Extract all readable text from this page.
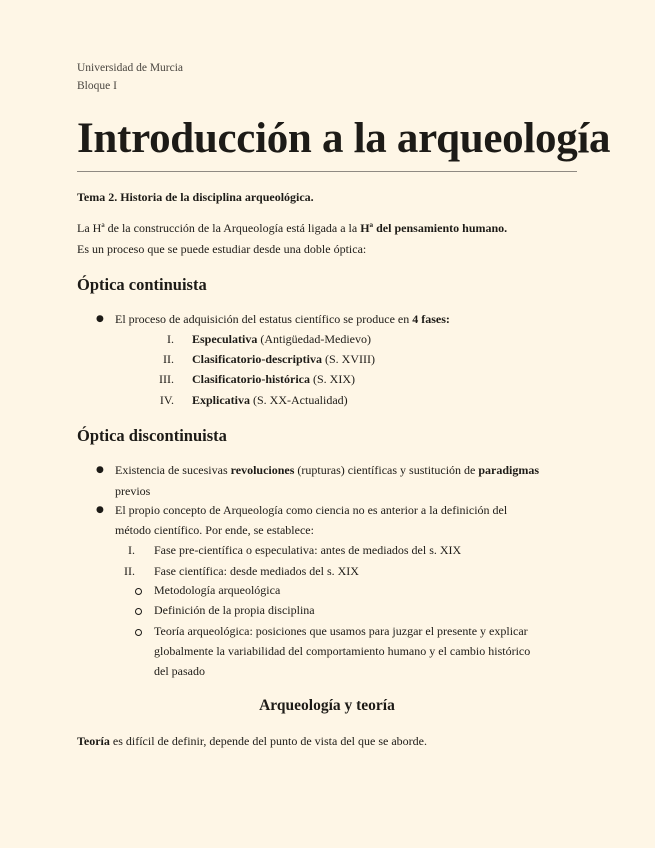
Universidad de Murcia
Bloque I
Introducción a la arqueología
Tema 2. Historia de la disciplina arqueológica.
La Hª de la construcción de la Arqueología está ligada a la Hª del pensamiento humano.
Es un proceso que se puede estudiar desde una doble óptica:
Óptica continuista
● El proceso de adquisición del estatus científico se produce en 4 fases:
I. Especulativa (Antigüedad-Medievo)
II. Clasificatorio-descriptiva (S. XVIII)
III. Clasificatorio-histórica (S. XIX)
IV. Explicativa (S. XX-Actualidad)
Óptica discontinuista
● Existencia de sucesivas revoluciones (rupturas) científicas y sustitución de paradigmas
previos
● El propio concepto de Arqueología como ciencia no es anterior a la definición del
método científico. Por ende, se establece:
I. Fase pre-científica o especulativa: antes de mediados del s. XIX
II. Fase científica: desde mediados del s. XIX
Metodología arqueológica
Definición de la propia disciplina
Teoría arqueológica: posiciones que usamos para juzgar el presente y explicar
globalmente la variabilidad del comportamiento humano y el cambio histórico
del pasado
Arqueología y teoría
Teoría es difícil de definir, depende del punto de vista del que se aborde.
